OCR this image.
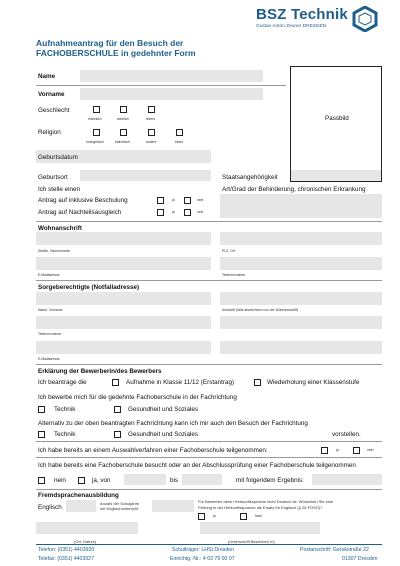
BSZ Technik
Gustav Anton Zeuner DRESDEN
Aufnahmeantrag für den Besuch der
FACHOBERSCHULE in gedehnter Form
Passbild
Name
Vorname
Geschlecht
männlich	weiblich	divers
Religion
evangelisch	katholisch	andere	keine
Geburtsdatum
Geburtsort	Staatsangehörigkeit
Ich stelle einen	Art/Grad der Behinderung, chronischen Erkrankung
Antrag auf inklusive Beschulung	ja	nein
Antrag auf Nachteilsausgleich	ja	nein
Wohnanschrift
Straße, Hausnummer	PLZ, Ort
E-Mailadresse	Telefonnummer
Sorgeberechtigte (Notfalladresse)
Name, Vorname	Anschrift (falls abweichend von der Wohnanschrift)
Telefonnummer
E-Mailadresse
Erklärung der Bewerberin/des Bewerbers
Ich beantrage die	Aufnahme in Klasse 11/12 (Erstantrag)	Wiederholung einer Klassenstufe
Ich bewerbe mich für die gedehnte Fachoberschule in der Fachrichtung
Technik	Gesundheit und Soziales
Alternativ zu der oben beantragten Fachrichtung kann ich mir auch den Besuch der Fachrichtung
Technik	Gesundheit und Soziales	vorstellen.
Ich habe bereits an einem Auswahlverfahren einer Fachoberschule teilgenommen:	ja	nein
Ich habe bereits eine Fachoberschule besucht oder an der Abschlussprüfung einer Fachoberschule teilgenommen
nein	ja, von	bis	mit folgendem Ergebnis:
Fremdsprachenausbildung
Englisch
Anzahl der Schuljahre
mit Englischunterricht
Für Bewerber deren Herkunftssprache nicht Deutsch ist: Wünschen Sie eine
Prüfung in der Herkunftssprache als Ersatz für Englisch (§ 28 FOSO)?
ja	Nein
(Ort, Datum)	(Unterschrift Bewerber/ in)
Telefon: (0351) 4403920
Telefax: (0351) 4403927
Schulträger: LHSt Dresden
Einrichtg.-Nr.: 4 03 79 00 07
Postanschrift: Gerokstraße 22
01307 Dresden
